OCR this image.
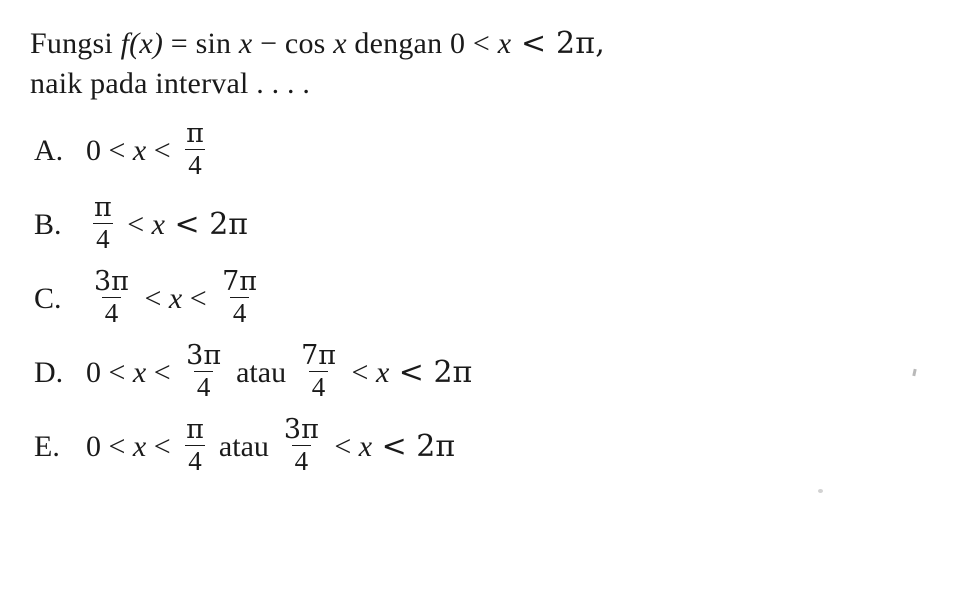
Fungsi f(x) = sin x − cos x dengan 0 < x < 2π,
naik pada interval . . . .
A. $0 < x < \frac{\pi}{4}$
B.	$\frac{\pi}{4} < x < 2\pi$
C.	$\frac{3\pi}{4} < x < \frac{7\pi}{4}$
D. $0 < x < \frac{3\pi}{4}$ atau $\frac{7\pi}{4} < x < 2\pi$
E. $0 < x < \frac{\pi}{4}$ atau $\frac{3\pi}{4} < x < 2\pi$
